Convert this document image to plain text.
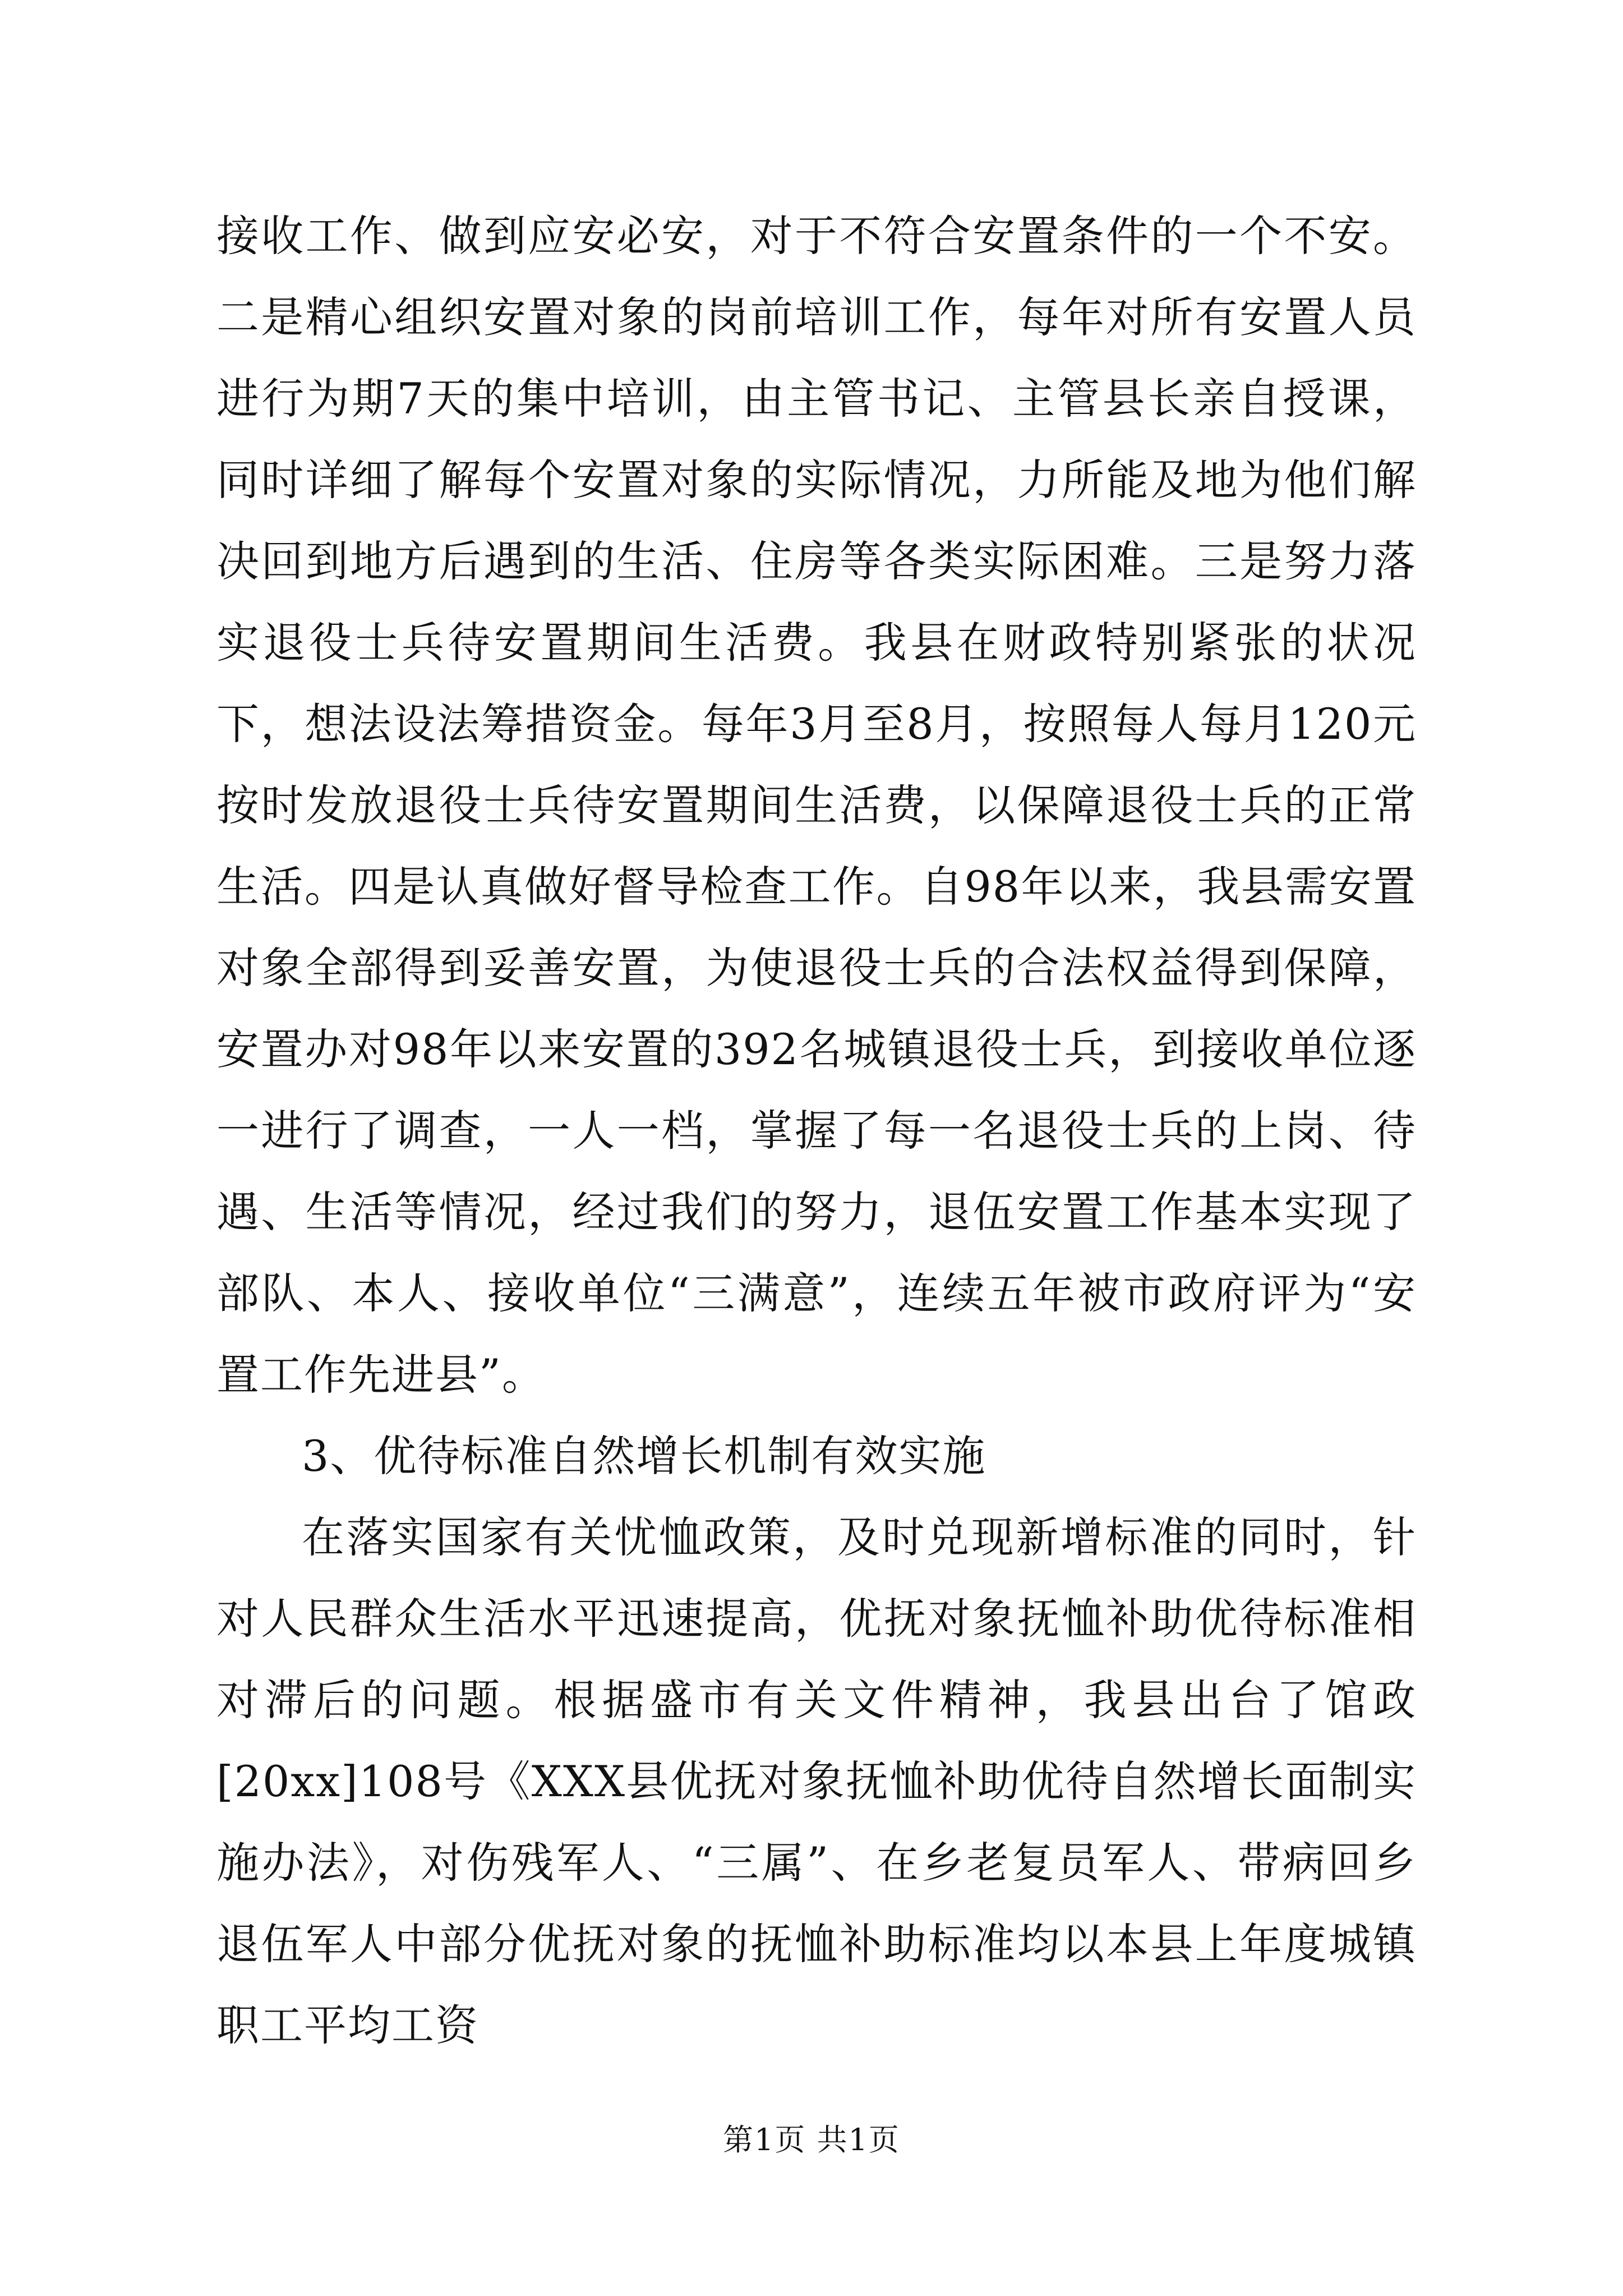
接收工作、做到应安必安，对于不符合安置条件的一个不安。二是精心组织安置对象的岗前培训工作，每年对所有安置人员进行为期7天的集中培训，由主管书记、主管县长亲自授课，同时详细了解每个安置对象的实际情况，力所能及地为他们解决回到地方后遇到的生活、住房等各类实际困难。三是努力落实退役士兵待安置期间生活费。我县在财政特别紧张的状况下，想法设法筹措资金。每年3月至8月，按照每人每月120元按时发放退役士兵待安置期间生活费，以保障退役士兵的正常生活。四是认真做好督导检查工作。自98年以来，我县需安置对象全部得到妥善安置，为使退役士兵的合法权益得到保障，安置办对98年以来安置的392名城镇退役士兵，到接收单位逐一进行了调查，一人一档，掌握了每一名退役士兵的上岗、待遇、生活等情况，经过我们的努力，退伍安置工作基本实现了部队、本人、接收单位“三满意”，连续五年被市政府评为“安置工作先进县”。

3、优待标准自然增长机制有效实施

在落实国家有关忧恤政策，及时兑现新增标准的同时，针对人民群众生活水平迅速提高，优抚对象抚恤补助优待标准相对滞后的问题。根据盛市有关文件精神，我县出台了馆政[20xx]108号《XXX县优抚对象抚恤补助优待自然增长面制实施办法》，对伤残军人、“三属”、在乡老复员军人、带病回乡退伍军人中部分优抚对象的抚恤补助标准均以本县上年度城镇职工平均工资

第1页 共1页
